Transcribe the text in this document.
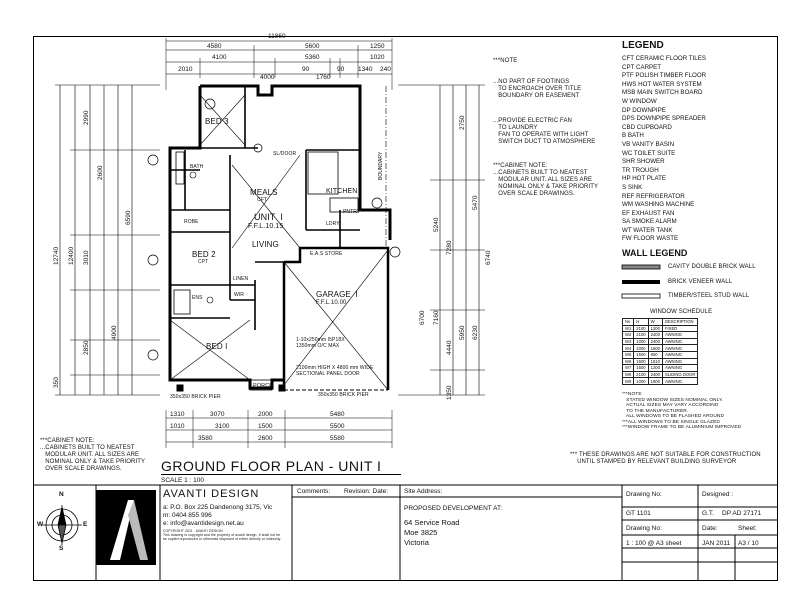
***NOTE

...NO PART OF FOOTINGS
TO ENCROACH OVER TITLE
BOUNDARY OR EASEMENT

...PROVIDE ELECTRIC FAN
TO LAUNDRY
FAN TO OPERATE WITH LIGHT
SWITCH DUCT TO ATMOSPHERE

***CABINET NOTE:
...CABINETS BUILT TO NEATEST
MODULAR UNIT. ALL SIZES ARE
NOMINAL ONLY & TAKE PRIORITY
OVER SCALE DRAWINGS.

***CABINET NOTE:
...CABINETS BUILT TO NEATEST
MODULAR UNIT. ALL SIZES ARE
NOMINAL ONLY & TAKE PRIORITY
OVER SCALE DRAWINGS.
LEGEND
CFT CERAMIC FLOOR TILES
CPT CARPET
PTF POLISH TIMBER FLOOR
HWS HOT WATER SYSTEM
MSB MAIN SWITCH BOARD
W WINDOW
DP DOWNPIPE
DPS DOWNPIPE SPREADER
CBD CUPBOARD
B BATH
VB VANITY BASIN
WC TOILET SUITE
SHR SHOWER
TR TROUGH
HP HOT PLATE
S SINK
REF REFRIGERATOR
WM WASHING MACHINE
EF EXHAUST FAN
SA SMOKE ALARM
WT WATER TANK
FW FLOOR WASTE
WALL LEGEND
CAVITY DOUBLE BRICK WALL
BRICK VENEER WALL
TIMBER/STEEL STUD WALL
WINDOW SCHEDULE
No	H	W	DESCRIPTION
W1	2100	1200	FIXED
W2	2100	2400	AWNING
W3	1000	2400	AWNING
W4	1000	1500	AWNING
W5	1500	650	AWNING
W6	1500	1810	AWNING
W7	1500	1200	AWNING
W8	2100	2400	SLIDING DOOR
W9	1000	1800	AWNING
***NOTE
STATED WINDOW SIZES NOMINAL ONLY.
ACTUAL SIZES MAY VARY ACCORDING
TO THE MANUFACTURER.
ALL WINDOWS TO BE FLASHED AROUND
***ALL WINDOWS TO BE SINGLE GLAZED
***WINDOW FRAME TO BE ALUMINIUM IMPROVED
*** THESE DRAWINGS ARE NOT SUITABLE FOR CONSTRUCTION
UNTIL STAMPED BY RELEVANT BUILDING SURVEYOR
BED 3
MEALS
CFT
KITCHEN
UNIT  I
F.F.L.10.15
LIVING
BED 2
CPT
BED I
GARAGE  I
F.F.L.10.00
E.A.S STORE
PORCH
ROBE
LINEN
LDRY
WIR
ENS
BATH
PNTRY
SL/DOOR
1-10x250mm I5P18X
1350mm O/C MAX
2100mm HIGH X 4800 mm WIDE
SECTIONAL PANEL DOOR
350x350 BRICK PIER	350x350 BRICK PIER
BOUNDARY
11860
4580	5600	1250
4100	5360	1020
2010
4000	1760
90	90 1340 240
1310	3070	2000	5480
1010	3100	1500	5500
3580	2600	5580
12740 12400
6590
2990
3010
2850
4900
2600
350
5240
7280
5470
6740
6700 7160
4440
5950 6230
1350
2750
GROUND FLOOR PLAN - UNIT I
SCALE 1 : 100
N
S
W	E
AVANTI DESIGN
a: P.O. Box 225 Dandenong 3175, Vic
m: 0404 855 996
e: info@avantidesign.net.au
COPYRIGHT 2011   AVANTI DESIGN
This drawing is copyright and the property of avanti design. It shall not be
be copied reproduced or otherwise disposed of either directly or indirectly.
Comments: Revision: Date: Site Address:
PROPOSED DEVELOPMENT AT:
64 Service Road
Moe 3825
Victoria
Drawing No:
GT 1101
Designed :
G.T. DP AD 27171
Drawing No:	Date:	Sheet:
1 : 100 @ A3 sheet	JAN 2011 A3 / 10
